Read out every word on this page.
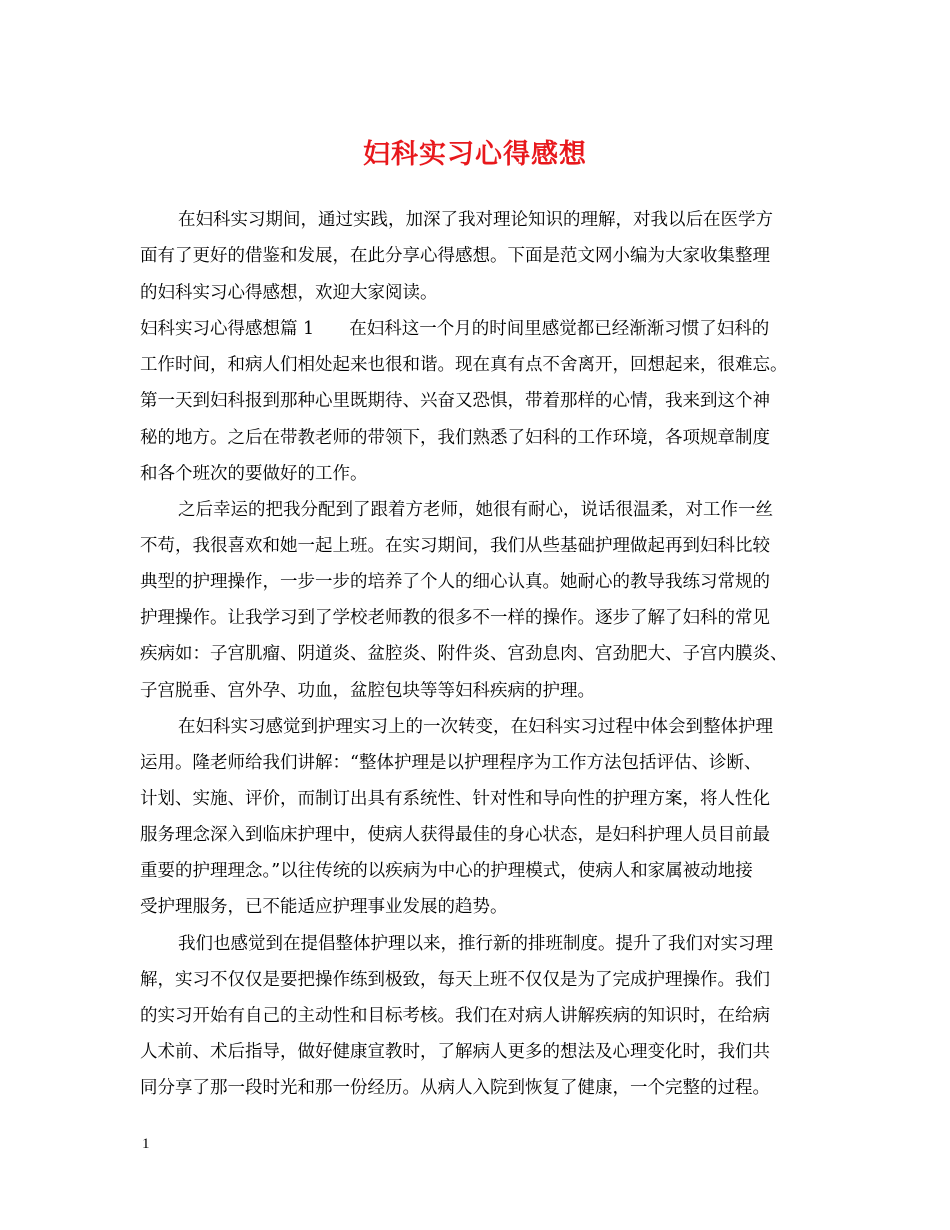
妇科实习心得感想
在妇科实习期间，通过实践，加深了我对理论知识的理解，对我以后在医学方
面有了更好的借鉴和发展，在此分享心得感想。下面是范文网小编为大家收集整理
的妇科实习心得感想，欢迎大家阅读。
妇科实习心得感想篇 1　　在妇科这一个月的时间里感觉都已经渐渐习惯了妇科的
工作时间，和病人们相处起来也很和谐。现在真有点不舍离开，回想起来，很难忘。
第一天到妇科报到那种心里既期待、兴奋又恐惧，带着那样的心情，我来到这个神
秘的地方。之后在带教老师的带领下，我们熟悉了妇科的工作环境，各项规章制度
和各个班次的要做好的工作。
之后幸运的把我分配到了跟着方老师，她很有耐心，说话很温柔，对工作一丝
不苟，我很喜欢和她一起上班。在实习期间，我们从些基础护理做起再到妇科比较
典型的护理操作，一步一步的培养了个人的细心认真。她耐心的教导我练习常规的
护理操作。让我学习到了学校老师教的很多不一样的操作。逐步了解了妇科的常见
疾病如：子宫肌瘤、阴道炎、盆腔炎、附件炎、宫劲息肉、宫劲肥大、子宫内膜炎、
子宫脱垂、宫外孕、功血，盆腔包块等等妇科疾病的护理。
在妇科实习感觉到护理实习上的一次转变，在妇科实习过程中体会到整体护理
运用。隆老师给我们讲解：“整体护理是以护理程序为工作方法包括评估、诊断、
计划、实施、评价，而制订出具有系统性、针对性和导向性的护理方案，将人性化
服务理念深入到临床护理中，使病人获得最佳的身心状态，是妇科护理人员目前最
重要的护理理念。”以往传统的以疾病为中心的护理模式，使病人和家属被动地接
受护理服务，已不能适应护理事业发展的趋势。
我们也感觉到在提倡整体护理以来，推行新的排班制度。提升了我们对实习理
解，实习不仅仅是要把操作练到极致，每天上班不仅仅是为了完成护理操作。我们
的实习开始有自己的主动性和目标考核。我们在对病人讲解疾病的知识时，在给病
人术前、术后指导，做好健康宣教时，了解病人更多的想法及心理变化时，我们共
同分享了那一段时光和那一份经历。从病人入院到恢复了健康，一个完整的过程。
1
